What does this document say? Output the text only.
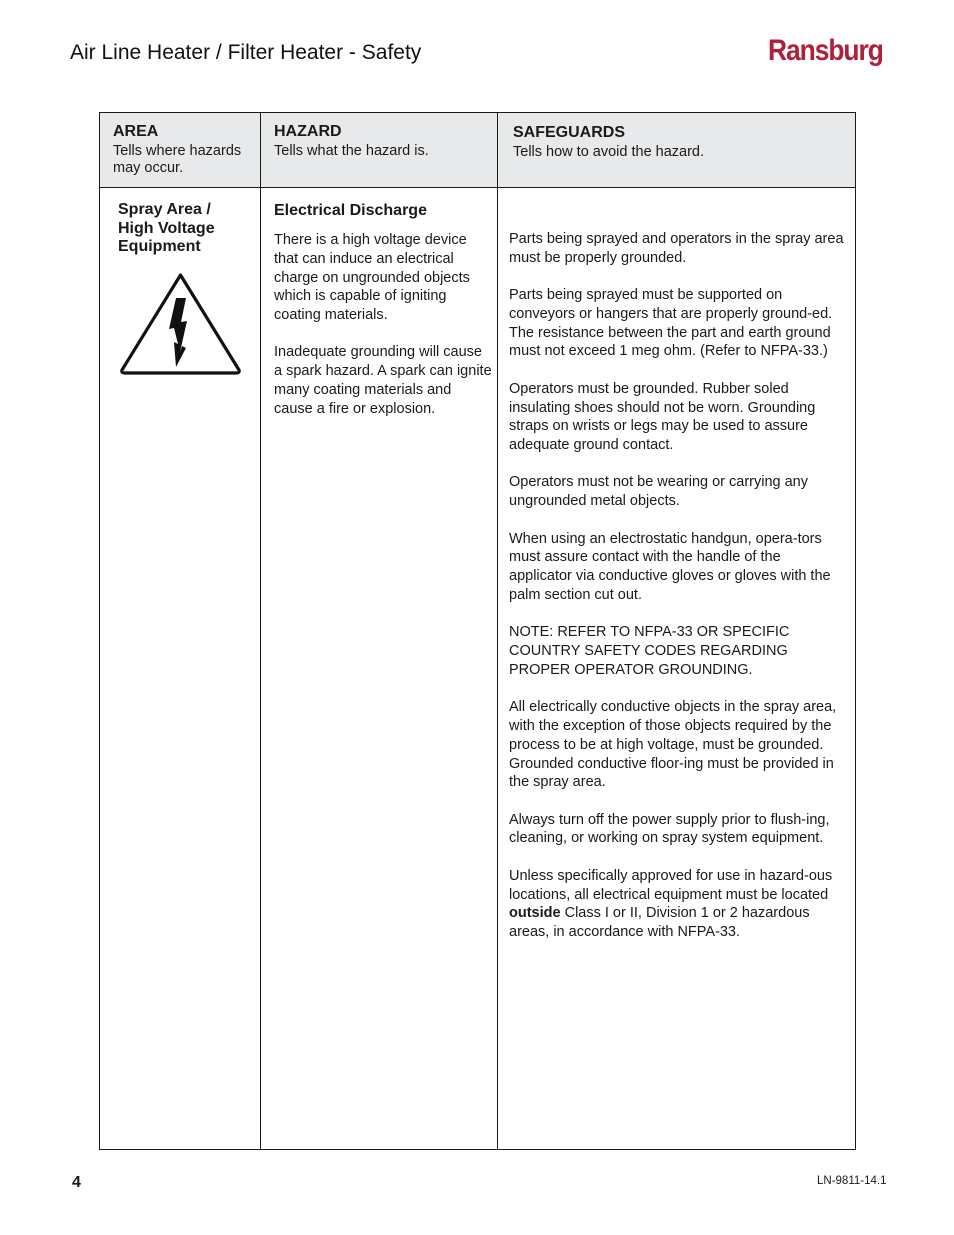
Air Line Heater / Filter Heater - Safety	Ransburg
AREA
Tells where hazards may occur.
HAZARD
Tells what the hazard is.
SAFEGUARDS
Tells how to avoid the hazard.
Spray Area /
High Voltage
Equipment
Electrical Discharge

There is a high voltage device that can induce an electrical charge on ungrounded objects which is capable of igniting coating materials.

Inadequate grounding will cause a spark hazard. A spark can ignite many coating materials and cause a fire or explosion.

Parts being sprayed and operators in the spray area must be properly grounded.

Parts being sprayed must be supported on conveyors or hangers that are properly ground-ed. The resistance between the part and earth ground must not exceed 1 meg ohm. (Refer to NFPA-33.)

Operators must be grounded. Rubber soled insulating shoes should not be worn. Grounding straps on wrists or legs may be used to assure adequate ground contact.

Operators must not be wearing or carrying any ungrounded metal objects.

When using an electrostatic handgun, opera-tors must assure contact with the handle of the applicator via conductive gloves or gloves with the palm section cut out.

NOTE: REFER TO NFPA-33 OR SPECIFIC COUNTRY SAFETY CODES REGARDING PROPER OPERATOR GROUNDING.

All electrically conductive objects in the spray area, with the exception of those objects required by the process to be at high voltage, must be grounded. Grounded conductive floor-ing must be provided in the spray area.

Always turn off the power supply prior to flush-ing, cleaning, or working on spray system equipment.

Unless specifically approved for use in hazard-ous locations, all electrical equipment must be located outside Class I or II, Division 1 or 2 hazardous areas, in accordance with NFPA-33.

4	LN-9811-14.1
